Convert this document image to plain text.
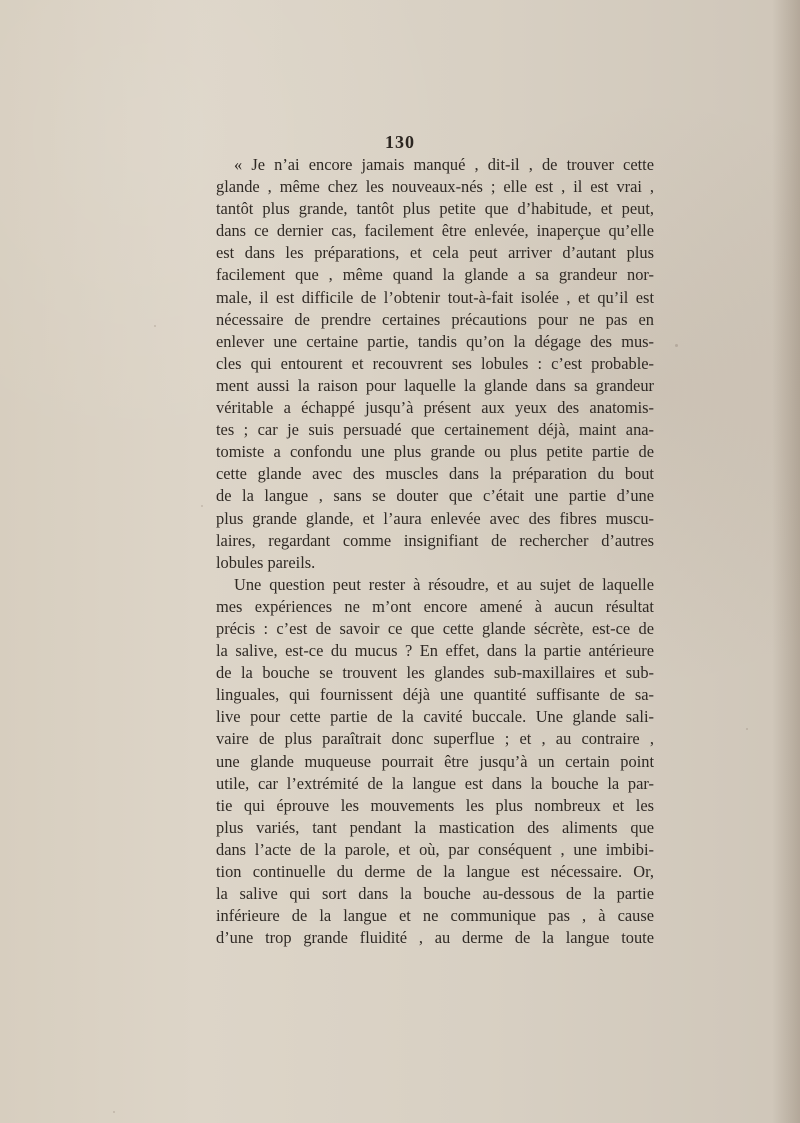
130

« Je n’ai encore jamais manqué , dit-il , de trouver cette
glande , même chez les nouveaux-nés ; elle est , il est vrai ,
tantôt plus grande, tantôt plus petite que d’habitude, et peut,
dans ce dernier cas, facilement être enlevée, inaperçue qu’elle
est dans les préparations, et cela peut arriver d’autant plus
facilement que , même quand la glande a sa grandeur nor-
male, il est difficile de l’obtenir tout-à-fait isolée , et qu’il est
nécessaire de prendre certaines précautions pour ne pas en
enlever une certaine partie, tandis qu’on la dégage des mus-
cles qui entourent et recouvrent ses lobules : c’est probable-
ment aussi la raison pour laquelle la glande dans sa grandeur
véritable a échappé jusqu’à présent aux yeux des anatomis-
tes ; car je suis persuadé que certainement déjà, maint ana-
tomiste a confondu une plus grande ou plus petite partie de
cette glande avec des muscles dans la préparation du bout
de la langue , sans se douter que c’était une partie d’une
plus grande glande, et l’aura enlevée avec des fibres muscu-
laires, regardant comme insignifiant de rechercher d’autres
lobules pareils.

Une question peut rester à résoudre, et au sujet de laquelle
mes expériences ne m’ont encore amené à aucun résultat
précis : c’est de savoir ce que cette glande sécrète, est-ce de
la salive, est-ce du mucus ? En effet, dans la partie antérieure
de la bouche se trouvent les glandes sub-maxillaires et sub-
linguales, qui fournissent déjà une quantité suffisante de sa-
live pour cette partie de la cavité buccale. Une glande sali-
vaire de plus paraîtrait donc superflue ; et , au contraire ,
une glande muqueuse pourrait être jusqu’à un certain point
utile, car l’extrémité de la langue est dans la bouche la par-
tie qui éprouve les mouvements les plus nombreux et les
plus variés, tant pendant la mastication des aliments que
dans l’acte de la parole, et où, par conséquent , une imbibi-
tion continuelle du derme de la langue est nécessaire. Or,
la salive qui sort dans la bouche au-dessous de la partie
inférieure de la langue et ne communique pas , à cause
d’une trop grande fluidité , au derme de la langue toute
